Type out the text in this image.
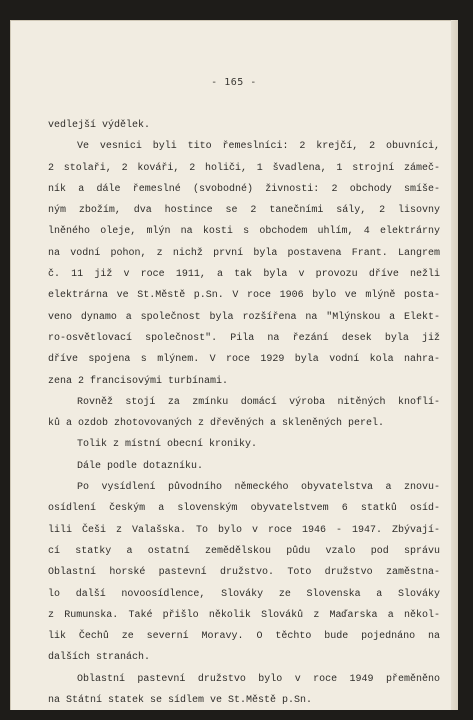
- 165 -
vedlejší výdělek.
Ve vesnici byli tito řemeslníci: 2 krejčí, 2 obuvníci,
2 stolaři, 2 kováři, 2 holiči, 1 švadlena, 1 strojní zámeč-
ník a dále řemeslné (svobodné) živnosti: 2 obchody smíše-
ným zbožím, dva hostince se 2 tanečními sály, 2 lisovny
lněného oleje, mlýn na kosti s obchodem uhlím, 4 elektrárny
na vodní pohon, z nichž první byla postavena Frant. Langrem
č. 11 již v roce 1911, a tak byla v provozu dříve nežli
elektrárna ve St.Městě p.Sn. V roce 1906 bylo ve mlýně posta-
veno dynamo a společnost byla rozšířena na "Mlýnskou a Elekt-
ro-osvětlovací společnost". Pila na řezání desek byla již
dříve spojena s mlýnem. V roce 1929 byla vodní kola nahra-
zena 2 francisovými turbínami.
Rovněž stojí za zmínku domácí výroba nitěných knoflí-
ků a ozdob zhotovovaných z dřevěných a skleněných perel.
Tolik z místní obecní kroniky.
Dále podle dotazníku.
Po vysídlení původního německého obyvatelstva a znovu-
osídlení českým a slovenským obyvatelstvem 6 statků osíd-
lili Češi z Valašska. To bylo v roce 1946 - 1947. Zbývají-
cí statky a ostatní zemědělskou půdu vzalo pod správu
Oblastní horské pastevní družstvo. Toto družstvo zaměstna-
lo další novoosídlence, Slováky ze Slovenska a Slováky
z Rumunska. Také přišlo několik Slováků z Maďarska a někol-
lik Čechů ze severní Moravy. O těchto bude pojednáno na
dalších stranách.
Oblastní pastevní družstvo bylo v roce 1949 přeměněno
na Státní statek se sídlem ve St.Městě p.Sn.
